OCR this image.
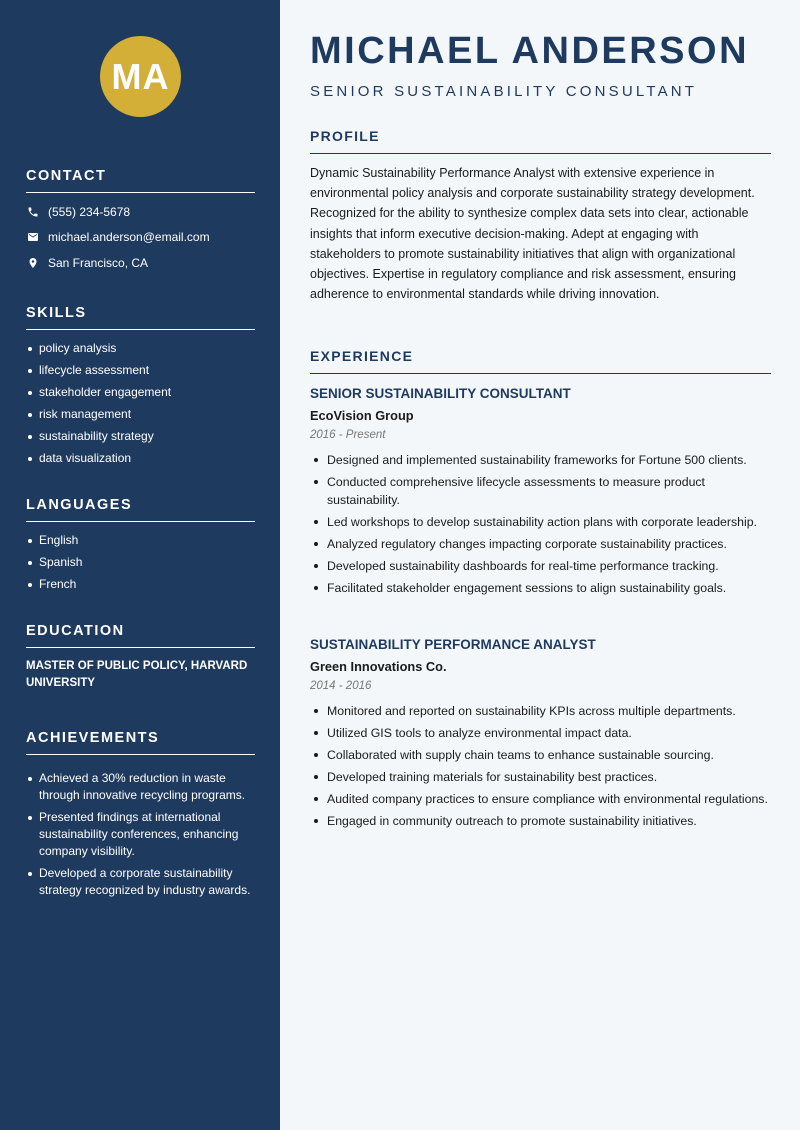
MA
CONTACT
(555) 234-5678
michael.anderson@email.com
San Francisco, CA
SKILLS
policy analysis
lifecycle assessment
stakeholder engagement
risk management
sustainability strategy
data visualization
LANGUAGES
English
Spanish
French
EDUCATION
MASTER OF PUBLIC POLICY, HARVARD UNIVERSITY
ACHIEVEMENTS
Achieved a 30% reduction in waste through innovative recycling programs.
Presented findings at international sustainability conferences, enhancing company visibility.
Developed a corporate sustainability strategy recognized by industry awards.
MICHAEL ANDERSON
SENIOR SUSTAINABILITY CONSULTANT
PROFILE
Dynamic Sustainability Performance Analyst with extensive experience in environmental policy analysis and corporate sustainability strategy development. Recognized for the ability to synthesize complex data sets into clear, actionable insights that inform executive decision-making. Adept at engaging with stakeholders to promote sustainability initiatives that align with organizational objectives. Expertise in regulatory compliance and risk assessment, ensuring adherence to environmental standards while driving innovation.
EXPERIENCE
SENIOR SUSTAINABILITY CONSULTANT
EcoVision Group
2016 - Present
Designed and implemented sustainability frameworks for Fortune 500 clients.
Conducted comprehensive lifecycle assessments to measure product sustainability.
Led workshops to develop sustainability action plans with corporate leadership.
Analyzed regulatory changes impacting corporate sustainability practices.
Developed sustainability dashboards for real-time performance tracking.
Facilitated stakeholder engagement sessions to align sustainability goals.
SUSTAINABILITY PERFORMANCE ANALYST
Green Innovations Co.
2014 - 2016
Monitored and reported on sustainability KPIs across multiple departments.
Utilized GIS tools to analyze environmental impact data.
Collaborated with supply chain teams to enhance sustainable sourcing.
Developed training materials for sustainability best practices.
Audited company practices to ensure compliance with environmental regulations.
Engaged in community outreach to promote sustainability initiatives.
